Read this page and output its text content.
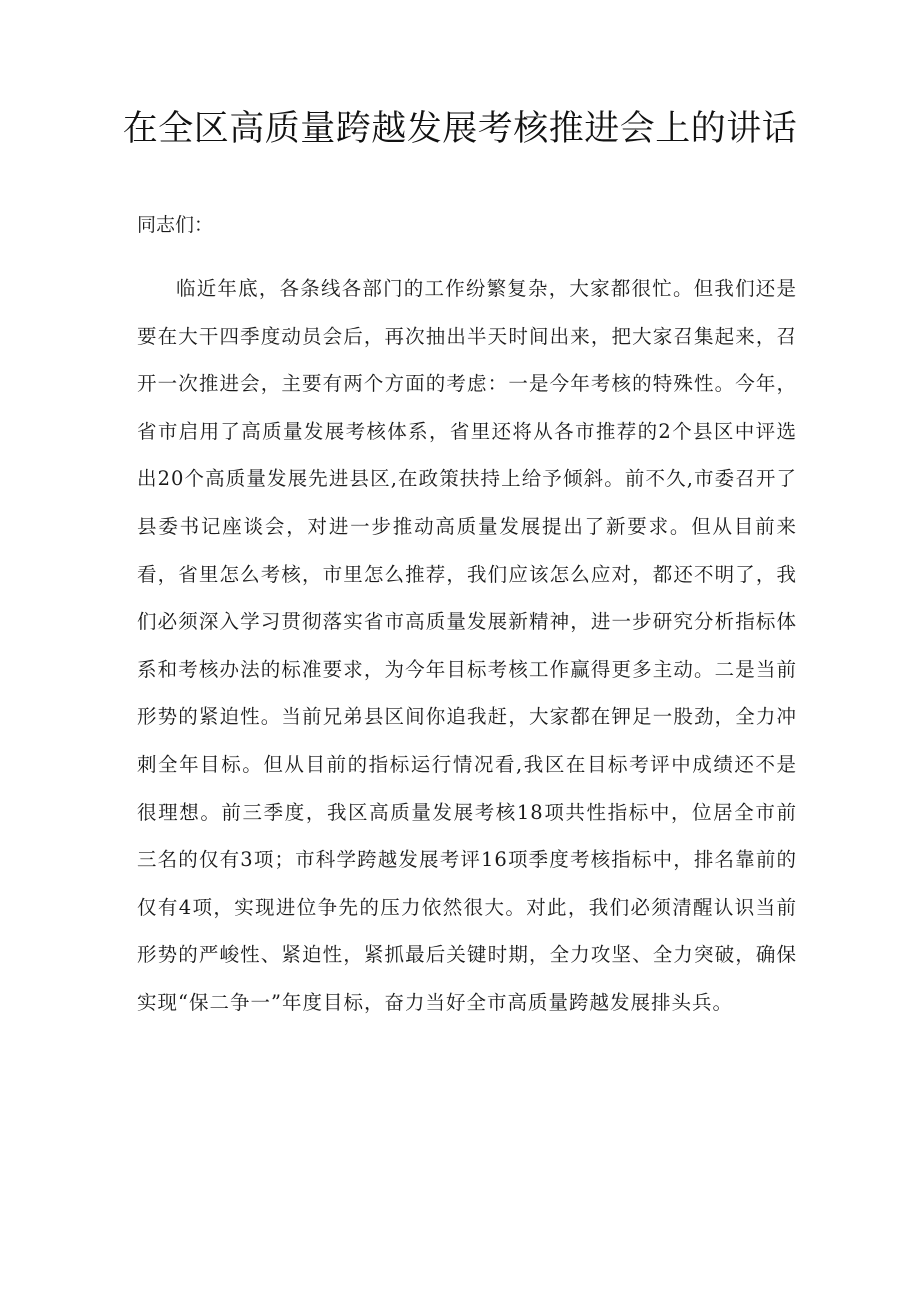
在全区高质量跨越发展考核推进会上的讲话
同志们：

临近年底，各条线各部门的工作纷繁复杂，大家都很忙。但我们还是要在大干四季度动员会后，再次抽出半天时间出来，把大家召集起来，召开一次推进会，主要有两个方面的考虑：一是今年考核的特殊性。今年，省市启用了高质量发展考核体系，省里还将从各市推荐的2个县区中评选出20个高质量发展先进县区,在政策扶持上给予倾斜。前不久,市委召开了县委书记座谈会，对进一步推动高质量发展提出了新要求。但从目前来看，省里怎么考核，市里怎么推荐，我们应该怎么应对，都还不明了，我们必须深入学习贯彻落实省市高质量发展新精神，进一步研究分析指标体系和考核办法的标准要求，为今年目标考核工作赢得更多主动。二是当前形势的紧迫性。当前兄弟县区间你追我赶，大家都在钾足一股劲，全力冲刺全年目标。但从目前的指标运行情况看,我区在目标考评中成绩还不是很理想。前三季度，我区高质量发展考核18项共性指标中，位居全市前三名的仅有3项；市科学跨越发展考评16项季度考核指标中，排名靠前的仅有4项，实现进位争先的压力依然很大。对此，我们必须清醒认识当前形势的严峻性、紧迫性，紧抓最后关键时期，全力攻坚、全力突破，确保实现“保二争一”年度目标，奋力当好全市高质量跨越发展排头兵。
